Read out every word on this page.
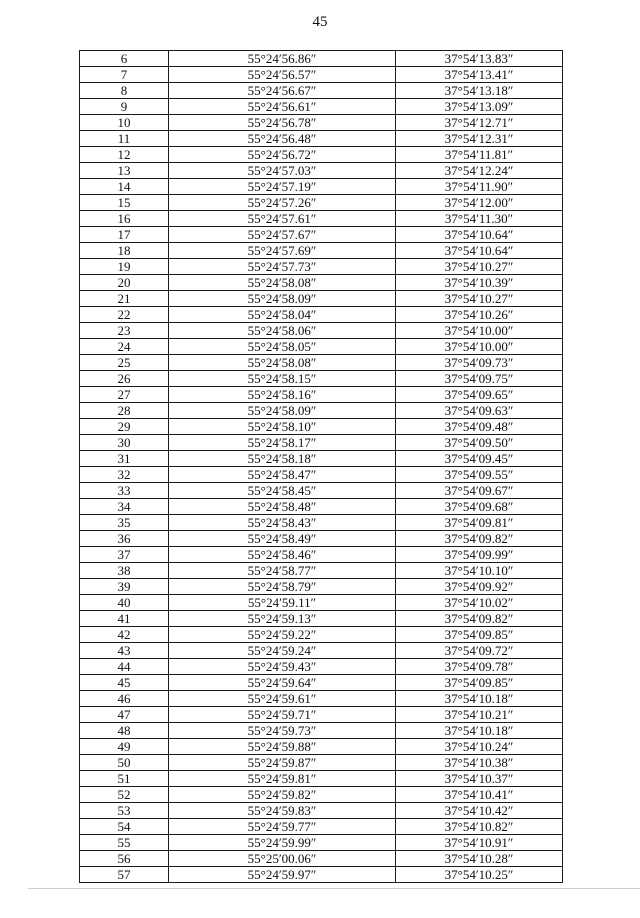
45
6	55°24′56.86″	37°54′13.83″
7	55°24′56.57″	37°54′13.41″
8	55°24′56.67″	37°54′13.18″
9	55°24′56.61″	37°54′13.09″
10	55°24′56.78″	37°54′12.71″
11	55°24′56.48″	37°54′12.31″
12	55°24′56.72″	37°54′11.81″
13	55°24′57.03″	37°54′12.24″
14	55°24′57.19″	37°54′11.90″
15	55°24′57.26″	37°54′12.00″
16	55°24′57.61″	37°54′11.30″
17	55°24′57.67″	37°54′10.64″
18	55°24′57.69″	37°54′10.64″
19	55°24′57.73″	37°54′10.27″
20	55°24′58.08″	37°54′10.39″
21	55°24′58.09″	37°54′10.27″
22	55°24′58.04″	37°54′10.26″
23	55°24′58.06″	37°54′10.00″
24	55°24′58.05″	37°54′10.00″
25	55°24′58.08″	37°54′09.73″
26	55°24′58.15″	37°54′09.75″
27	55°24′58.16″	37°54′09.65″
28	55°24′58.09″	37°54′09.63″
29	55°24′58.10″	37°54′09.48″
30	55°24′58.17″	37°54′09.50″
31	55°24′58.18″	37°54′09.45″
32	55°24′58.47″	37°54′09.55″
33	55°24′58.45″	37°54′09.67″
34	55°24′58.48″	37°54′09.68″
35	55°24′58.43″	37°54′09.81″
36	55°24′58.49″	37°54′09.82″
37	55°24′58.46″	37°54′09.99″
38	55°24′58.77″	37°54′10.10″
39	55°24′58.79″	37°54′09.92″
40	55°24′59.11″	37°54′10.02″
41	55°24′59.13″	37°54′09.82″
42	55°24′59.22″	37°54′09.85″
43	55°24′59.24″	37°54′09.72″
44	55°24′59.43″	37°54′09.78″
45	55°24′59.64″	37°54′09.85″
46	55°24′59.61″	37°54′10.18″
47	55°24′59.71″	37°54′10.21″
48	55°24′59.73″	37°54′10.18″
49	55°24′59.88″	37°54′10.24″
50	55°24′59.87″	37°54′10.38″
51	55°24′59.81″	37°54′10.37″
52	55°24′59.82″	37°54′10.41″
53	55°24′59.83″	37°54′10.42″
54	55°24′59.77″	37°54′10.82″
55	55°24′59.99″	37°54′10.91″
56	55°25′00.06″	37°54′10.28″
57	55°24′59.97″	37°54′10.25″
